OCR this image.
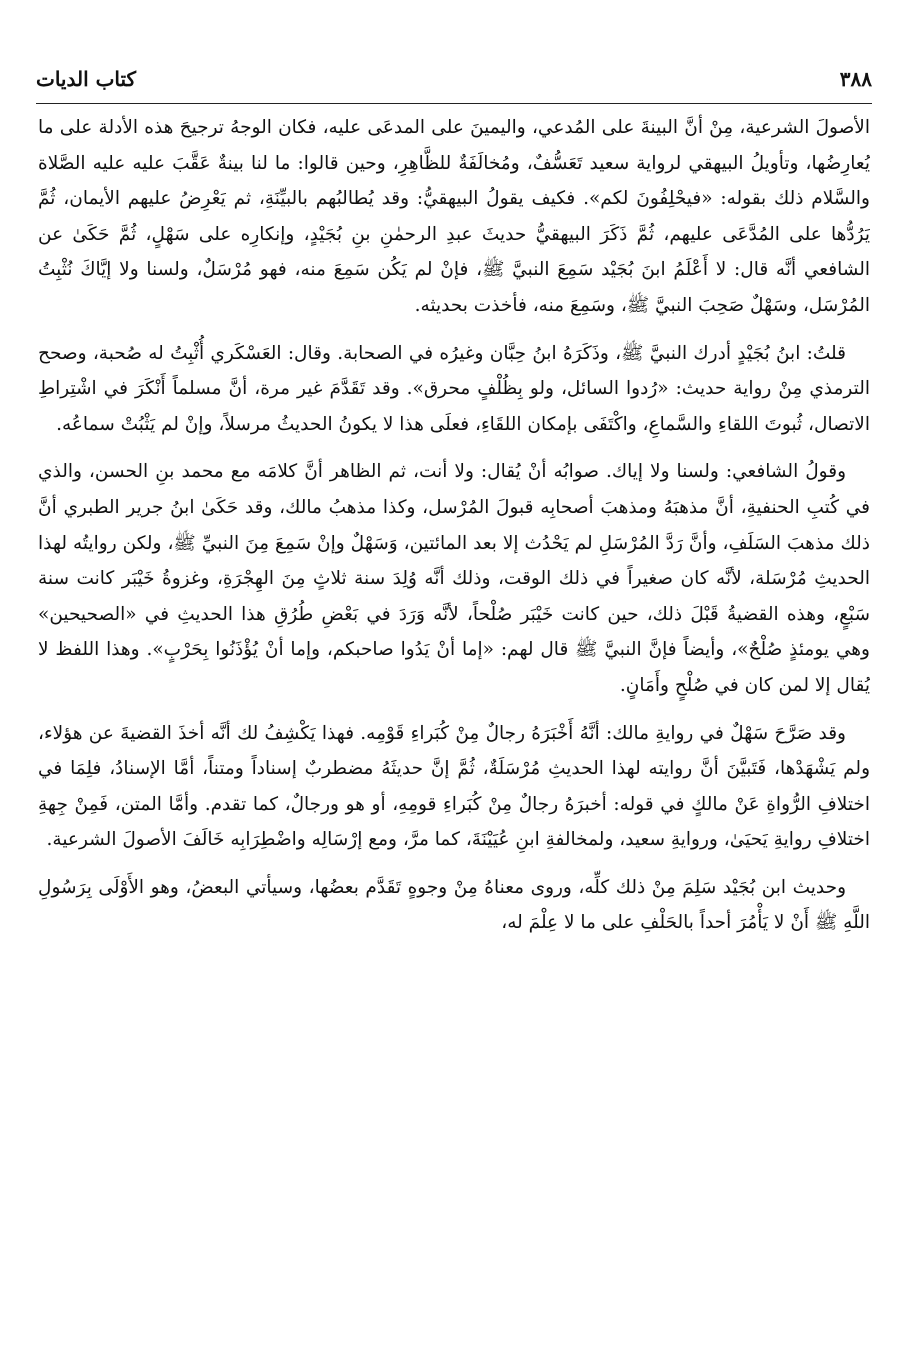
٣٨٨
كتاب الديات

الأصولَ الشرعية، مِنْ أنَّ البينةَ على المُدعي، واليمينَ على المدعَى عليه، فكان الوجهُ ترجيحَ هذه الأدلة على ما يُعارِضُها، وتأويلُ البيهقي لرواية سعيد تَعَسُّفٌ، ومُخالَفَةٌ للظَّاهِرِ، وحين قالوا: ما لنا بينةٌ عَقَّبَ عليه عليه الصَّلاة والسَّلام ذلك بقوله: «فيحْلِفُونَ لكم». فكيف يقولُ البيهقيُّ: وقد يُطالبُهم بالبيِّنَةِ، ثم يَعْرِضُ عليهم الأيمان، ثُمَّ يَرُدُّها على المُدَّعَى عليهم، ثُمَّ ذَكَرَ البيهقيُّ حديثَ عبدِ الرحمٰنِ بنِ بُجَيْدٍ، وإنكارِه على سَهْلٍ، ثُمَّ حَكَىٰ عن الشافعي أنَّه قال: لا أَعْلَمُ ابنَ بُجَيْد سَمِعَ النبيَّ ﷺ، فإنْ لم يَكُن سَمِعَ منه، فهو مُرْسَلٌ، ولسنا ولا إيَّاكَ نُثْبِتُ المُرْسَل، وسَهْلٌ صَحِبَ النبيَّ ﷺ، وسَمِعَ منه، فأخذت بحديثه.

قلتُ: ابنُ بُجَيْدٍ أدرك النبيَّ ﷺ، وذَكَرَهُ ابنُ حِبَّان وغيرُه في الصحابة. وقال: العَسْكَري أُثْبِتُ له صُحبة، وصحح الترمذي مِنْ رواية حديث: «رُدوا السائل، ولو بِظُلْفٍ محرق». وقد تَقَدَّمَ غير مرة، أنَّ مسلماً أَنْكَرَ في اشْتِراطِ الاتصال، ثُبوتَ اللقاءِ والسَّماعِ، واكْتَفَى بإمكان اللقَاءِ، فعلَى هذا لا يكونُ الحديثُ مرسلاً، وإنْ لم يَثْبُتْ سماعُه.

وقولُ الشافعي: ولسنا ولا إياك. صوابُه أنْ يُقال: ولا أنت، ثم الظاهر أنَّ كلامَه مع محمد بنِ الحسن، والذي في كُتبِ الحنفيةِ، أنَّ مذهبَهُ ومذهبَ أصحابِه قبولَ المُرْسل، وكذا مذهبُ مالك، وقد حَكَىٰ ابنُ جرير الطبري أنَّ ذلك مذهبَ السَلَفِ، وأنَّ رَدَّ المُرْسَلِ لم يَحْدُث إلا بعد المائتين، وَسَهْلٌ وإنْ سَمِعَ مِنَ النبيِّ ﷺ، ولكن روايتُه لهذا الحديثِ مُرْسَلة، لأنَّه كان صغيراً في ذلك الوقت، وذلك أنَّه وُلِدَ سنة ثلاثٍ مِنَ الهِجْرَةِ، وغزوةُ خَيْبَر كانت سنة سَبْعٍ، وهذه القضيةُ قَبْلَ ذلك، حين كانت خَيْبَر صُلْحاً، لأنَّه وَرَدَ في بَعْضِ طُرُقِ هذا الحديثِ في «الصحيحين» وهي يومئذٍ صُلْحٌ»، وأيضاً فإنَّ النبيَّ ﷺ قال لهم: «إما أنْ يَدُوا صاحبكم، وإما أنْ يُؤْذَنُوا بِحَرْبٍ». وهذا اللفظ لا يُقال إلا لمن كان في صُلْحٍ وأَمَانٍ.

وقد صَرَّحَ سَهْلٌ في روايةِ مالك: أنَّهُ أَخْبَرَهُ رجالٌ مِنْ كُبَراءِ قَوْمِه. فهذا يَكْشِفُ لك أنَّه أخذَ القضيةَ عن هؤلاء، ولم يَشْهَدْها، فَتَبيَّنَ أنَّ روايته لهذا الحديثِ مُرْسَلَةٌ، ثُمَّ إنَّ حديثَهُ مضطربٌ إسناداً ومتناً، أمَّا الإسنادُ، فلِمَا في اختلافِ الرُّواةِ عَنْ مالكٍ في قوله: أخبرَهُ رجالٌ مِنْ كُبَراءِ قومِهِ، أو هو ورجالٌ، كما تقدم. وأمَّا المتن، فَمِنْ جِهةِ اختلافِ روايةِ يَحيَىٰ، وروايةِ سعيد، ولمخالفةِ ابنِ عُيَيْنَةَ، كما مرَّ، ومع إرْسَالِه واضْطِرَابِه خَالَفَ الأصولَ الشرعية.

وحديث ابن بُجَيْد سَلِمَ مِنْ ذلك كلِّه، وروى معناهُ مِنْ وجوهٍ تَقَدَّم بعضُها، وسيأتي البعضُ، وهو الأَوْلَى بِرَسُولِ اللَّهِ ﷺ أَنْ لا يَأْمُرَ أحداً بالحَلْفِ على ما لا عِلْمَ له،
